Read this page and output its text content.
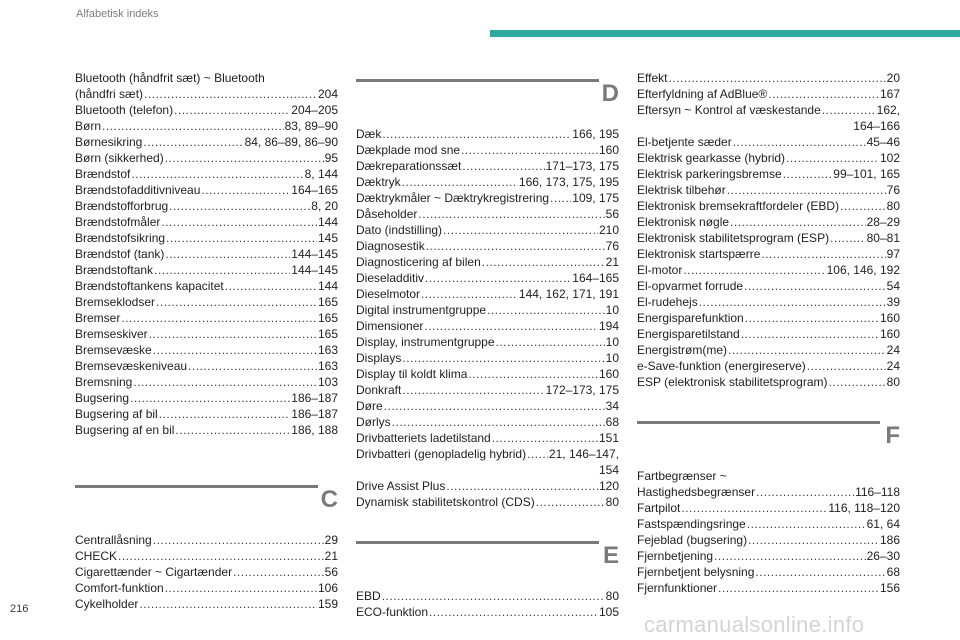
Alfabetisk indeks
Bluetooth (håndfrit sæt) ~ Bluetooth
(håndfri sæt) .....	204
Bluetooth (telefon) .....	204–205
Børn .....	83, 89–90
Børnesikring .....	84, 86–89, 86–90
Børn (sikkerhed) .....	95
Brændstof .....	8, 144
Brændstofadditivniveau .....	164–165
Brændstofforbrug .....	8, 20
Brændstofmåler .....	144
Brændstofsikring .....	145
Brændstof (tank) .....	144–145
Brændstoftank .....	144–145
Brændstoftankens kapacitet .....	144
Bremseklodser .....	165
Bremser .....	165
Bremseskiver .....	165
Bremsevæske .....	163
Bremsevæskeniveau .....	163
Bremsning .....	103
Bugsering .....	186–187
Bugsering af bil .....	186–187
Bugsering af en bil .....	186, 188
C
Centrallåsning .....	29
CHECK .....	21
Cigarettænder ~ Cigartænder .....	56
Comfort-funktion .....	106
Cykelholder .....	159
D
Dæk .....	166, 195
Dækplade mod sne .....	160
Dækreparationssæt .....	171–173, 175
Dæktryk .....	166, 173, 175, 195
Dæktrykmåler ~ Dæktrykregistrering ..... 109, 175
Dåseholder .....	56
Dato (indstilling) .....	210
Diagnosestik .....	76
Diagnosticering af bilen .....	21
Dieseladditiv .....	164–165
Dieselmotor .....	144, 162, 171, 191
Digital instrumentgruppe .....	10
Dimensioner .....	194
Display, instrumentgruppe .....	10
Displays .....	10
Display til koldt klima .....	160
Donkraft .....	172–173, 175
Døre .....	34
Dørlys .....	68
Drivbatteriets ladetilstand .....	151
Drivbatteri (genopladelig hybrid) ..... 21, 146–147,
154
Drive Assist Plus .....	120
Dynamisk stabilitetskontrol (CDS) .....	80
E
EBD .....	80
ECO-funktion .....	105
Effekt .....	20
Efterfyldning af AdBlue® .....	167
Eftersyn ~ Kontrol af væskestande .....	162,
164–166
El-betjente sæder .....	45–46
Elektrisk gearkasse (hybrid) .....	102
Elektrisk parkeringsbremse .....	99–101, 165
Elektrisk tilbehør .....	76
Elektronisk bremsekraftfordeler (EBD) .....	80
Elektronisk nøgle .....	28–29
Elektronisk stabilitetsprogram (ESP) .....	80–81
Elektronisk startspærre .....	97
El-motor .....	106, 146, 192
El-opvarmet forrude .....	54
El-rudehejs .....	39
Energisparefunktion .....	160
Energisparetilstand .....	160
Energistrøm(me) .....	24
e-Save-funktion (energireserve) .....	24
ESP (elektronisk stabilitetsprogram) .....	80
F
Fartbegrænser ~
Hastighedsbegrænser .....	116–118
Fartpilot .....	116, 118–120
Fastspændingsringe .....	61, 64
Fejeblad (bugsering) .....	186
Fjernbetjening .....	26–30
Fjernbetjent belysning .....	68
Fjernfunktioner .....	156
216
carmanualsonline.info
